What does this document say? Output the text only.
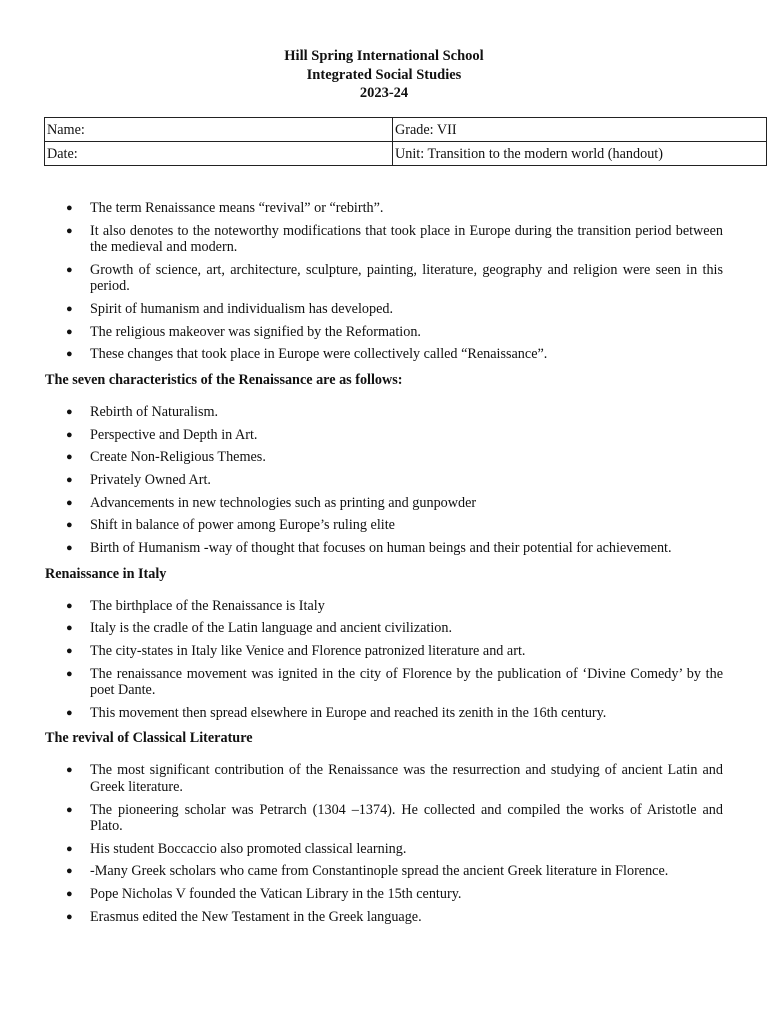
Hill Spring International School
Integrated Social Studies
2023-24
Name:	Grade: VII
Date:	Unit: Transition to the modern world (handout)
● The term Renaissance means “revival” or “rebirth”.
● It also denotes to the noteworthy modifications that took place in Europe during the transition period between the medieval and modern.
● Growth of science, art, architecture, sculpture, painting, literature, geography and religion were seen in this period.
● Spirit of humanism and individualism has developed.
● The religious makeover was signified by the Reformation.
● These changes that took place in Europe were collectively called “Renaissance”.
The seven characteristics of the Renaissance are as follows:
● Rebirth of Naturalism.
● Perspective and Depth in Art.
● Create Non-Religious Themes.
● Privately Owned Art.
● Advancements in new technologies such as printing and gunpowder
● Shift in balance of power among Europe’s ruling elite
● Birth of Humanism -way of thought that focuses on human beings and their potential for achievement.
Renaissance in Italy
● The birthplace of the Renaissance is Italy
● Italy is the cradle of the Latin language and ancient civilization.
● The city-states in Italy like Venice and Florence patronized literature and art.
● The renaissance movement was ignited in the city of Florence by the publication of ‘Divine Comedy’ by the poet Dante.
● This movement then spread elsewhere in Europe and reached its zenith in the 16th century.
The revival of Classical Literature
● The most significant contribution of the Renaissance was the resurrection and studying of ancient Latin and Greek literature.
● The pioneering scholar was Petrarch (1304 –1374). He collected and compiled the works of Aristotle and Plato.
● His student Boccaccio also promoted classical learning.
● -Many Greek scholars who came from Constantinople spread the ancient Greek literature in Florence.
● Pope Nicholas V founded the Vatican Library in the 15th century.
● Erasmus edited the New Testament in the Greek language.
